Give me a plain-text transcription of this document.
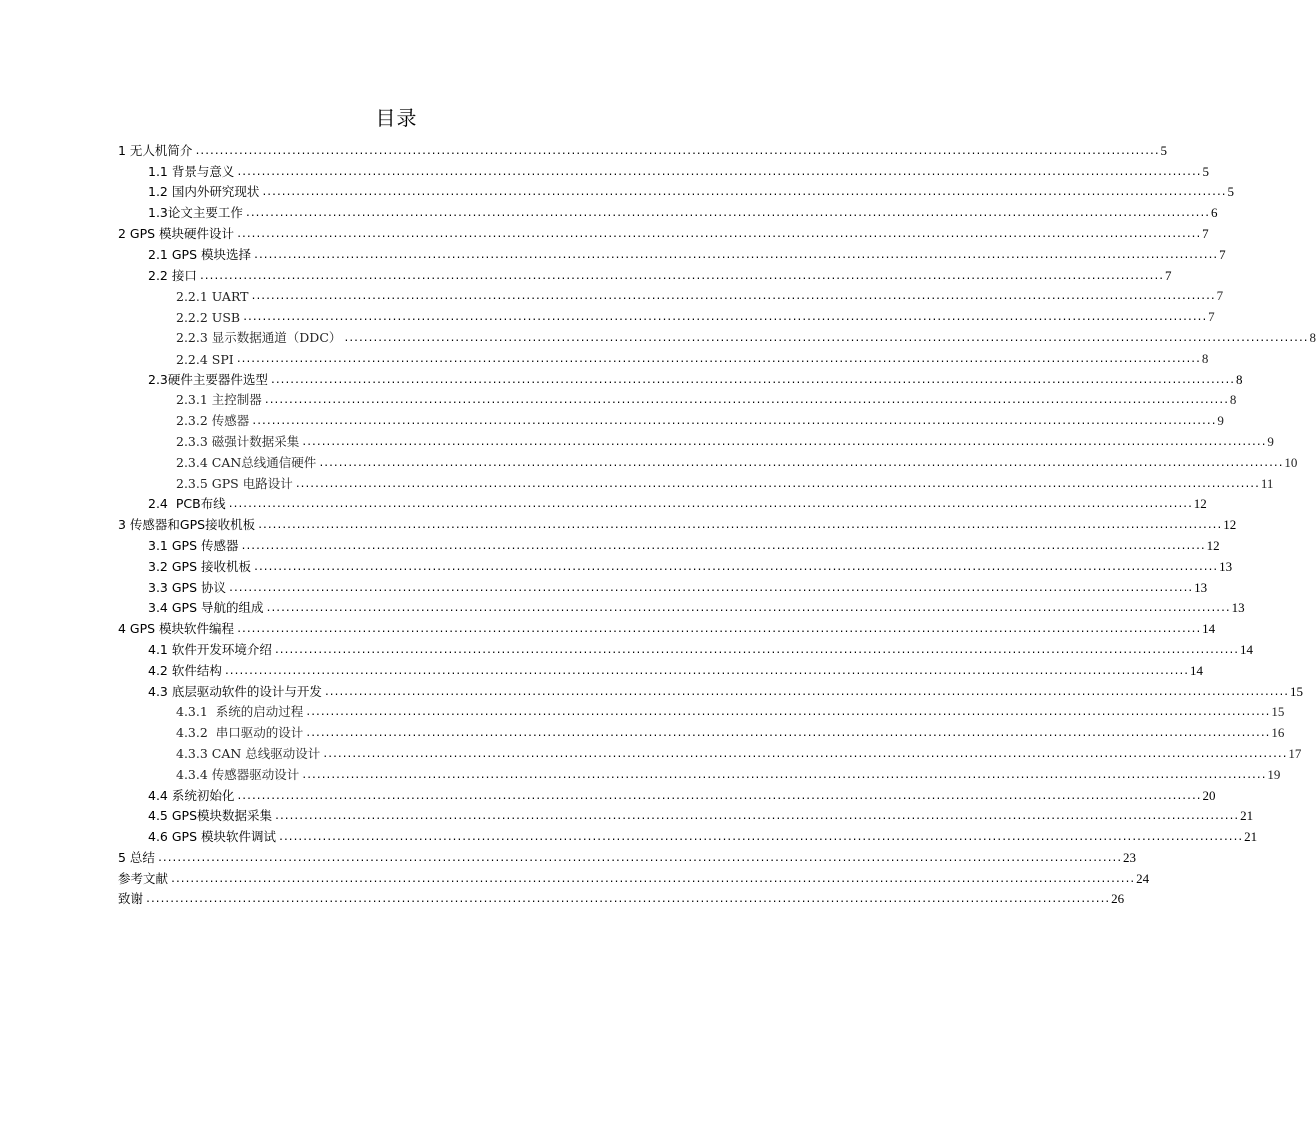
目录
1 无人机简介 ........................................................................................................................................................................................................ 5
1.1 背景与意义 ........................................................................................................................................................................................................ 5
1.2 国内外研究现状 ........................................................................................................................................................................................................ 5
1.3论文主要工作 ........................................................................................................................................................................................................ 6
2 GPS 模块硬件设计 ........................................................................................................................................................................................................ 7
2.1 GPS 模块选择 ........................................................................................................................................................................................................ 7
2.2 接口 ........................................................................................................................................................................................................ 7
2.2.1 UART ........................................................................................................................................................................................................ 7
2.2.2 USB ........................................................................................................................................................................................................ 7
2.2.3 显示数据通道（DDC） ........................................................................................................................................................................................................ 8
2.2.4 SPI ........................................................................................................................................................................................................ 8
2.3硬件主要器件选型 ........................................................................................................................................................................................................ 8
2.3.1 主控制器 ........................................................................................................................................................................................................ 8
2.3.2 传感器 ........................................................................................................................................................................................................ 9
2.3.3 磁强计数据采集 ........................................................................................................................................................................................................ 9
2.3.4 CAN总线通信硬件 ........................................................................................................................................................................................................ 10
2.3.5 GPS 电路设计 ........................................................................................................................................................................................................ 11
2.4  PCB布线 ........................................................................................................................................................................................................ 12
3 传感器和GPS接收机板 ........................................................................................................................................................................................................ 12
3.1 GPS 传感器 ........................................................................................................................................................................................................ 12
3.2 GPS 接收机板 ........................................................................................................................................................................................................ 13
3.3 GPS 协议 ........................................................................................................................................................................................................ 13
3.4 GPS 导航的组成 ........................................................................................................................................................................................................ 13
4 GPS 模块软件编程 ........................................................................................................................................................................................................ 14
4.1 软件开发环境介绍 ........................................................................................................................................................................................................ 14
4.2 软件结构 ........................................................................................................................................................................................................ 14
4.3 底层驱动软件的设计与开发 ........................................................................................................................................................................................................ 15
4.3.1  系统的启动过程 ........................................................................................................................................................................................................ 15
4.3.2  串口驱动的设计 ........................................................................................................................................................................................................ 16
4.3.3 CAN 总线驱动设计 ........................................................................................................................................................................................................ 17
4.3.4 传感器驱动设计 ........................................................................................................................................................................................................ 19
4.4 系统初始化 ........................................................................................................................................................................................................ 20
4.5 GPS模块数据采集 ........................................................................................................................................................................................................ 21
4.6 GPS 模块软件调试 ........................................................................................................................................................................................................ 21
5 总结 ........................................................................................................................................................................................................ 23
参考文献 ........................................................................................................................................................................................................ 24
致谢 ........................................................................................................................................................................................................ 26
